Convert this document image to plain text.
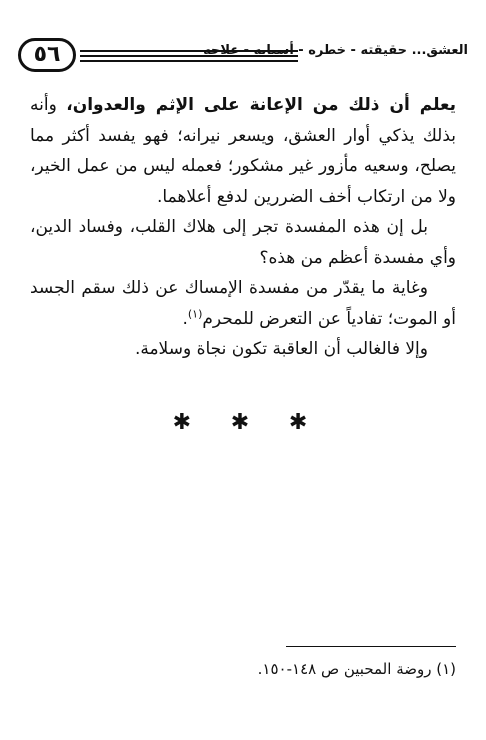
٥٦	العشق... حقيقته - خطره - أسبابه - علاجه

يعلم أن ذلك من الإعانة على الإثم والعدوان، وأنه بذلك يذكي أوار العشق، ويسعر نيرانه؛ فهو يفسد أكثر مما يصلح، وسعيه مأزور غير مشكور؛ فعمله ليس من عمل الخير، ولا من ارتكاب أخف الضررين لدفع أعلاهما.

بل إن هذه المفسدة تجر إلى هلاك القلب، وفساد الدين، وأي مفسدة أعظم من هذه؟

وغاية ما يقدّر من مفسدة الإمساك عن ذلك سقم الجسد أو الموت؛ تفادياً عن التعرض للمحرم$^{(١)}$.

وإلا فالغالب أن العاقبة تكون نجاة وسلامة.

✱ ✱ ✱
(١) روضة المحبين ص ١٤٨-١٥٠.
